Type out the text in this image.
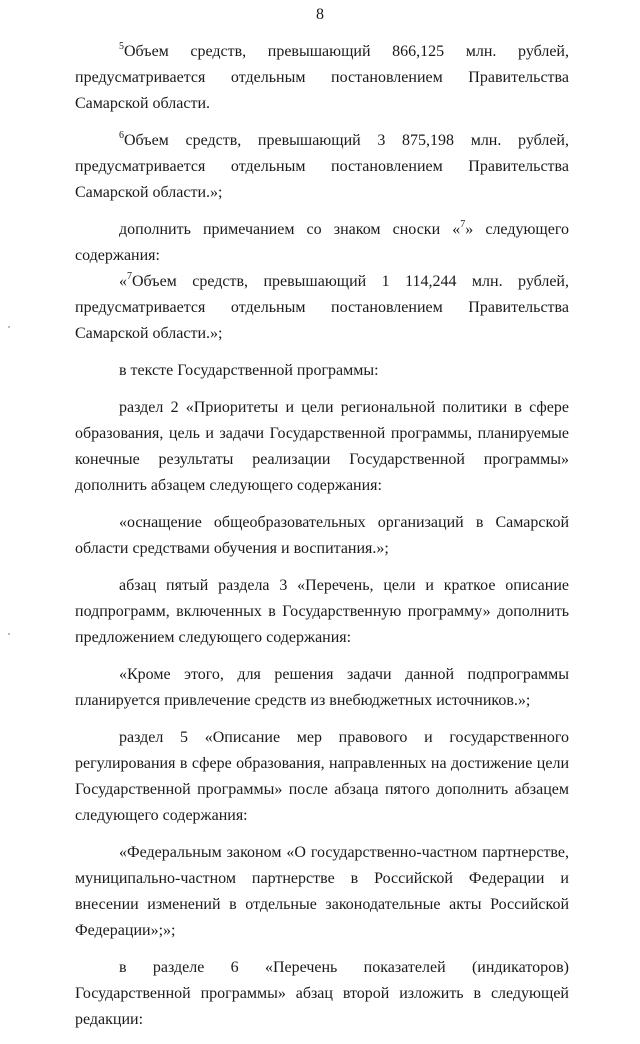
8

$^5$Объем средств, превышающий 866,125 млн. рублей, предусматривается отдельным постановлением Правительства Самарской области.

$^6$Объем средств, превышающий 3 875,198 млн. рублей, предусматривается отдельным постановлением Правительства Самарской области.»;

дополнить примечанием со знаком сноски «$^7$» следующего содержания:

«$^7$Объем средств, превышающий 1 114,244 млн. рублей, предусматривается отдельным постановлением Правительства Самарской области.»;

в тексте Государственной программы:

раздел 2 «Приоритеты и цели региональной политики в сфере образования, цель и задачи Государственной программы, планируемые конечные результаты реализации Государственной программы» дополнить абзацем следующего содержания:

«оснащение общеобразовательных организаций в Самарской области средствами обучения и воспитания.»;

абзац пятый раздела 3 «Перечень, цели и краткое описание подпрограмм, включенных в Государственную программу» дополнить предложением следующего содержания:

«Кроме этого, для решения задачи данной подпрограммы планируется привлечение средств из внебюджетных источников.»;

раздел 5 «Описание мер правового и государственного регулирования в сфере образования, направленных на достижение цели Государственной программы» после абзаца пятого дополнить абзацем следующего содержания:

«Федеральным законом «О государственно-частном партнерстве, муниципально-частном партнерстве в Российской Федерации и внесении изменений в отдельные законодательные акты Российской Федерации»;»;

в разделе 6 «Перечень показателей (индикаторов) Государственной программы» абзац второй изложить в следующей редакции:
